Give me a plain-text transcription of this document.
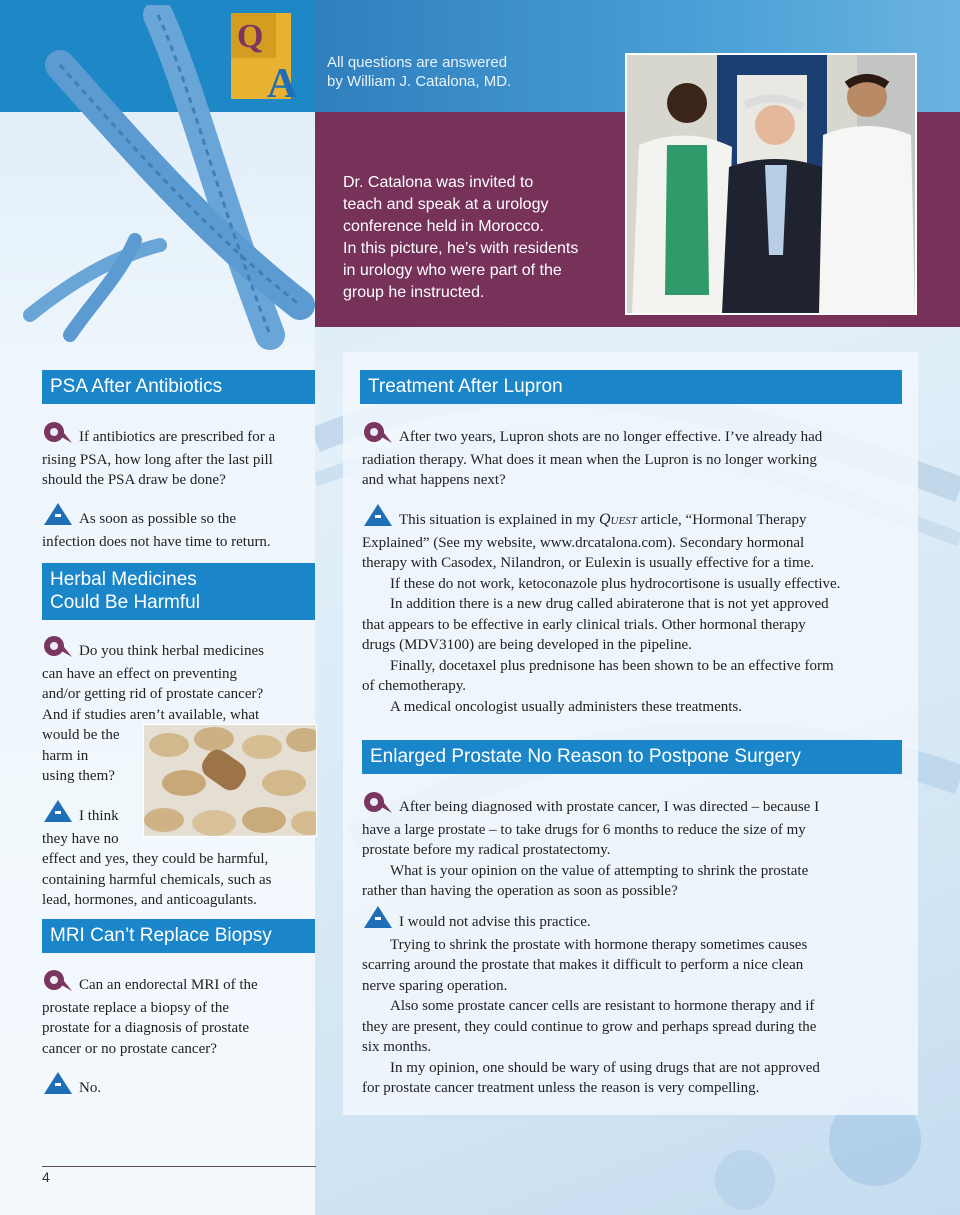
Q
A All questions are answered
by William J. Catalona, MD.

Dr. Catalona was invited to

teach and speak at a urology

conference held in Morocco.

In this picture, he’s with residents

in urology who were part of the

group he instructed.

PSA After Antibiotics

If antibiotics are prescribed for a

rising PSA, how long after the last pill

should the PSA draw be done?

As soon as possible so the

infection does not have time to return.

Herbal Medicines
Could Be Harmful

Do you think herbal medicines

can have an effect on preventing

and/or getting rid of prostate cancer?

And if studies aren’t available, what

would be the

harm in

using them?

I think

they have no

effect and yes, they could be harmful,

containing harmful chemicals, such as

lead, hormones, and anticoagulants.

MRI Can’t Replace Biopsy

Can an endorectal MRI of the

prostate replace a biopsy of the

prostate for a diagnosis of prostate

cancer or no prostate cancer?

No.

4
Treatment After Lupron

After two years, Lupron shots are no longer effective. I’ve already had

radiation therapy. What does it mean when the Lupron is no longer working

and what happens next?

This situation is explained in my Quest article, “Hormonal Therapy

Explained” (See my website, www.drcatalona.com). Secondary hormonal

therapy with Casodex, Nilandron, or Eulexin is usually effective for a time.

If these do not work, ketoconazole plus hydrocortisone is usually effective.

In addition there is a new drug called abiraterone that is not yet approved

that appears to be effective in early clinical trials. Other hormonal therapy

drugs (MDV3100) are being developed in the pipeline.

Finally, docetaxel plus prednisone has been shown to be an effective form

of chemotherapy.

A medical oncologist usually administers these treatments.

Enlarged Prostate No Reason to Postpone Surgery

After being diagnosed with prostate cancer, I was directed – because I

have a large prostate – to take drugs for 6 months to reduce the size of my

prostate before my radical prostatectomy.

What is your opinion on the value of attempting to shrink the prostate

rather than having the operation as soon as possible?

I would not advise this practice.

Trying to shrink the prostate with hormone therapy sometimes causes

scarring around the prostate that makes it difficult to perform a nice clean

nerve sparing operation.

Also some prostate cancer cells are resistant to hormone therapy and if

they are present, they could continue to grow and perhaps spread during the

six months.

In my opinion, one should be wary of using drugs that are not approved

for prostate cancer treatment unless the reason is very compelling.
